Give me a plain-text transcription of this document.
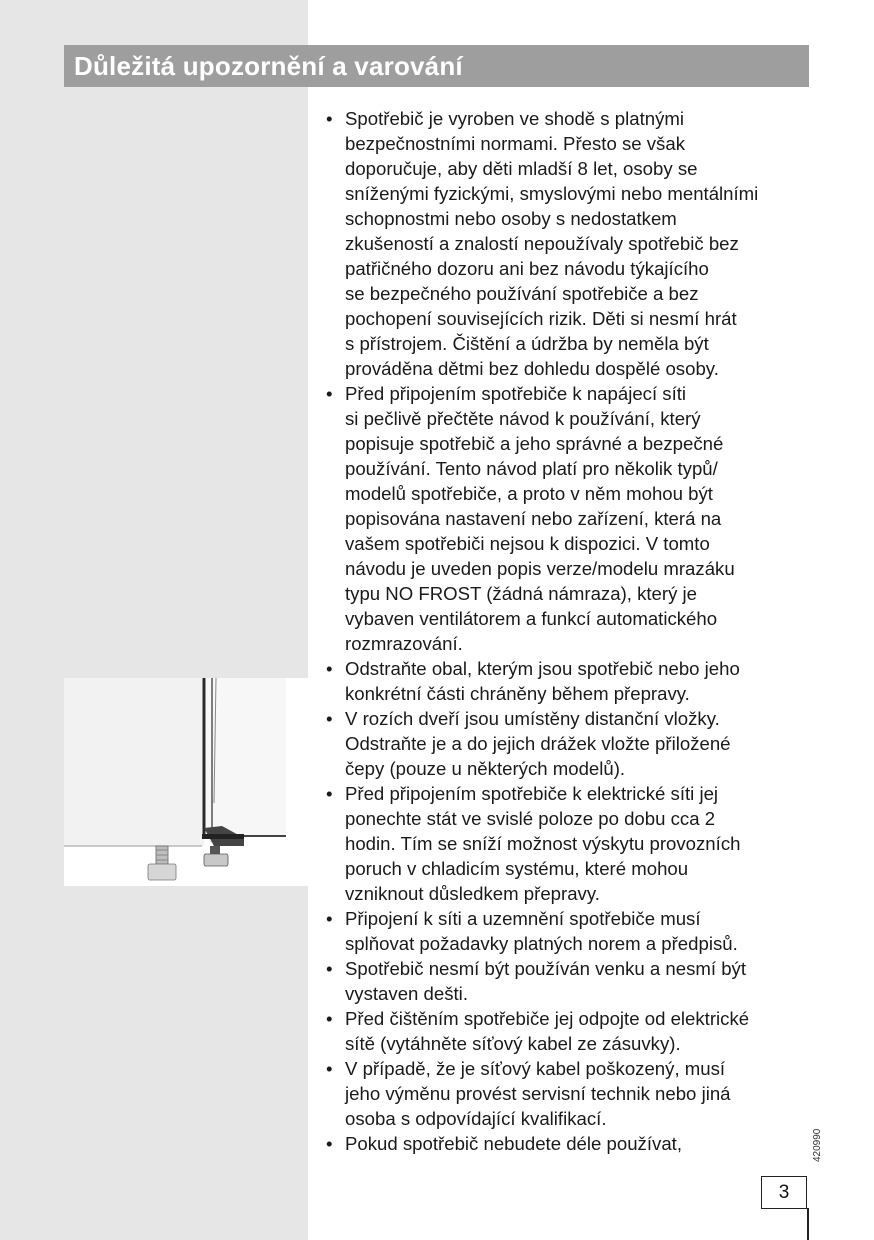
Důležitá upozornění a varování
• Spotřebič je vyroben ve shodě s platnými
bezpečnostními normami. Přesto se však
doporučuje, aby děti mladší 8 let, osoby se
sníženými fyzickými, smyslovými nebo mentálními
schopnostmi nebo osoby s nedostatkem
zkušeností a znalostí nepoužívaly spotřebič bez
patřičného dozoru ani bez návodu týkajícího
se bezpečného používání spotřebiče a bez
pochopení souvisejících rizik. Děti si nesmí hrát
s přístrojem. Čištění a údržba by neměla být
prováděna dětmi bez dohledu dospělé osoby.
• Před připojením spotřebiče k napájecí síti
si pečlivě přečtěte návod k používání, který
popisuje spotřebič a jeho správné a bezpečné
používání. Tento návod platí pro několik typů/
modelů spotřebiče, a proto v něm mohou být
popisována nastavení nebo zařízení, která na
vašem spotřebiči nejsou k dispozici. V tomto
návodu je uveden popis verze/modelu mrazáku
typu NO FROST (žádná námraza), který je
vybaven ventilátorem a funkcí automatického
rozmrazování.
• Odstraňte obal, kterým jsou spotřebič nebo jeho
konkrétní části chráněny během přepravy.
• V rozích dveří jsou umístěny distanční vložky.
Odstraňte je a do jejich drážek vložte přiložené
čepy (pouze u některých modelů).
• Před připojením spotřebiče k elektrické síti jej
ponechte stát ve svislé poloze po dobu cca 2
hodin. Tím se sníží možnost výskytu provozních
poruch v chladicím systému, které mohou
vzniknout důsledkem přepravy.
• Připojení k síti a uzemnění spotřebiče musí
splňovat požadavky platných norem a předpisů.
• Spotřebič nesmí být používán venku a nesmí být
vystaven dešti.
• Před čištěním spotřebiče jej odpojte od elektrické
sítě (vytáhněte síťový kabel ze zásuvky).
• V případě, že je síťový kabel poškozený, musí
jeho výměnu provést servisní technik nebo jiná
osoba s odpovídající kvalifikací.
• Pokud spotřebič nebudete déle používat,	420990
3
